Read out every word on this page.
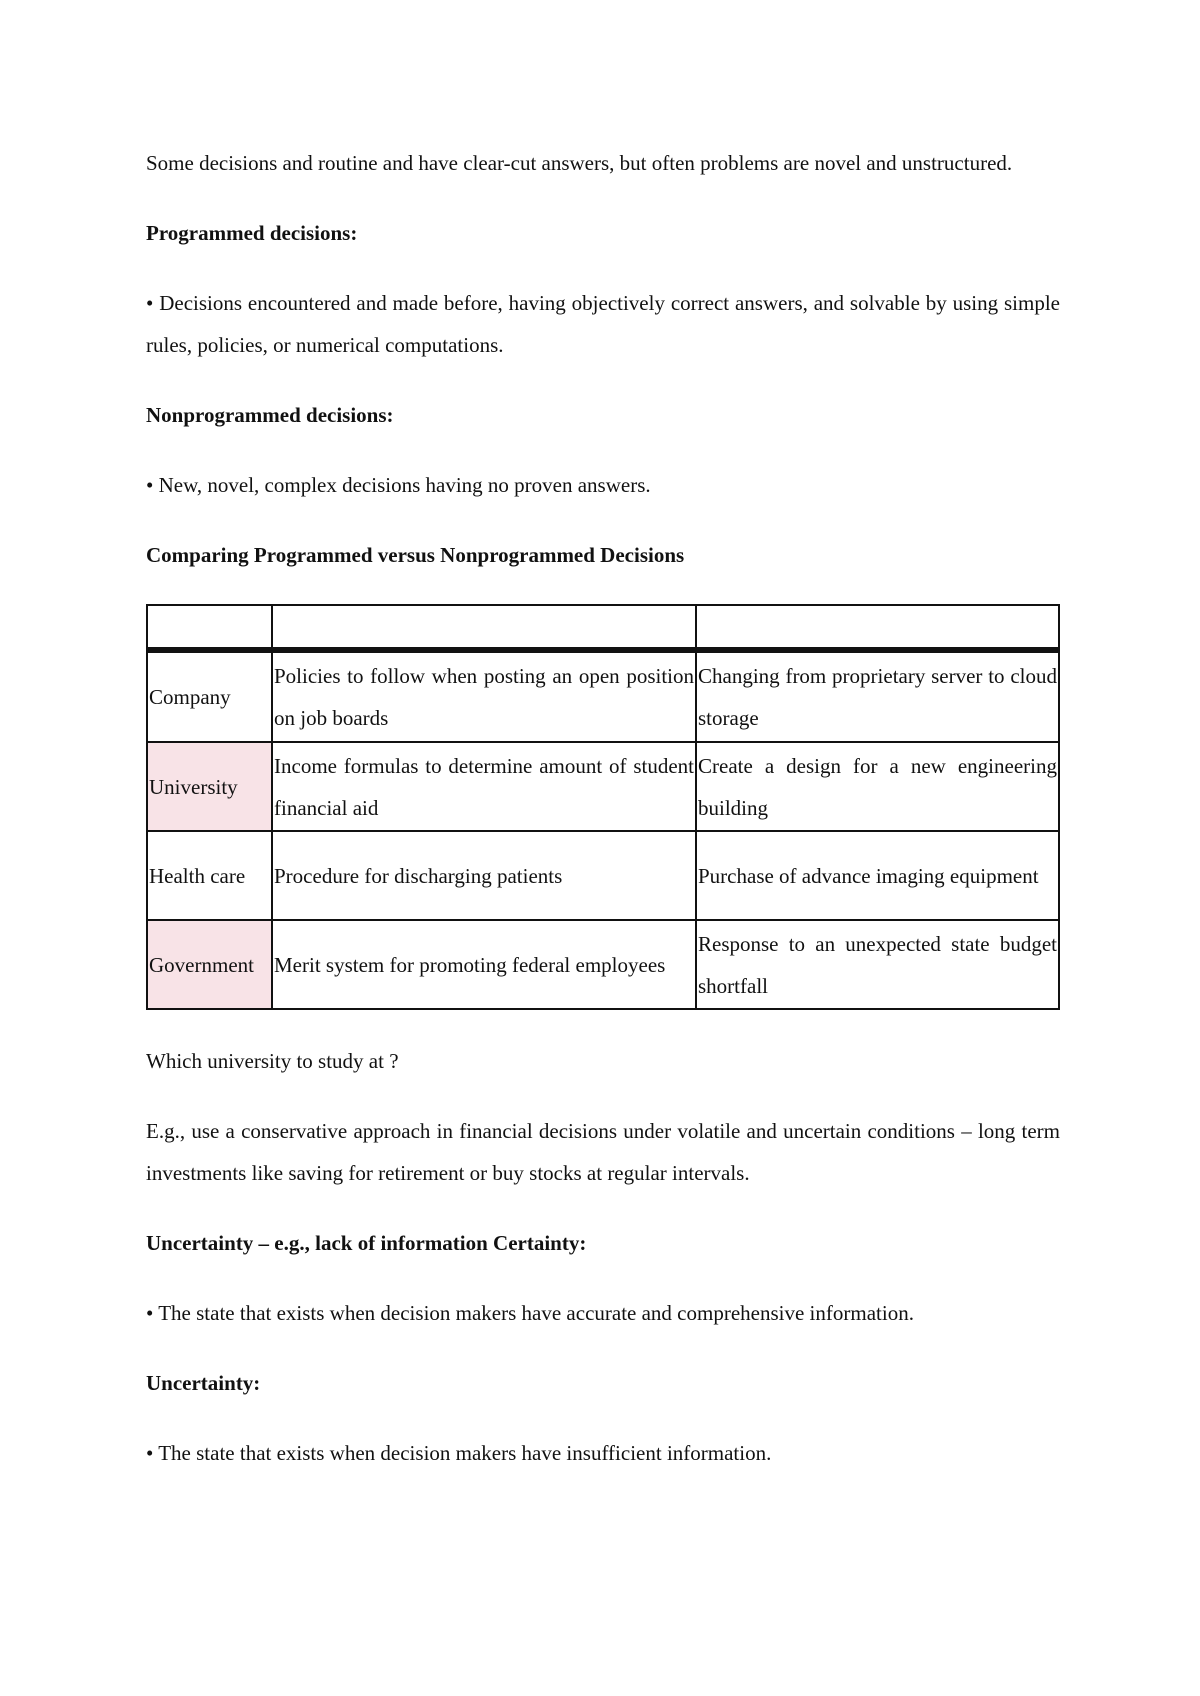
Some decisions and routine and have clear-cut answers, but often problems are novel and unstructured.

Programmed decisions:

• Decisions encountered and made before, having objectively correct answers, and solvable by using simple rules, policies, or numerical computations.

Nonprogrammed decisions:

• New, novel, complex decisions having no proven answers.

Comparing Programmed versus Nonprogrammed Decisions

Company	Policies to follow when posting an open position on job boards	Changing from proprietary server to cloud storage
University	Income formulas to determine amount of student financial aid	Create a design for a new engineering building
Health care	Procedure for discharging patients	Purchase of advance imaging equipment
Government	Merit system for promoting federal employees	Response to an unexpected state budget shortfall

Which university to study at ?

E.g., use a conservative approach in financial decisions under volatile and uncertain conditions – long term investments like saving for retirement or buy stocks at regular intervals.

Uncertainty – e.g., lack of information Certainty:

• The state that exists when decision makers have accurate and comprehensive information.

Uncertainty:

• The state that exists when decision makers have insufficient information.
